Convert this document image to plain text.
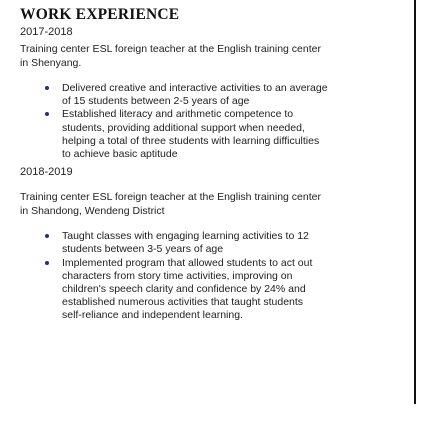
WORK EXPERIENCE
2017-2018
Training center ESL foreign teacher at the English training center
in Shenyang.
Delivered creative and interactive activities to an average
of 15 students between 2-5 years of age
Established literacy and arithmetic competence to
students, providing additional support when needed,
helping a total of three students with learning difficulties
to achieve basic aptitude
2018-2019
Training center ESL foreign teacher at the English training center
in Shandong, Wendeng District
Taught classes with engaging learning activities to 12
students between 3-5 years of age
Implemented program that allowed students to act out
characters from story time activities, improving on
children's speech clarity and confidence by 24% and
established numerous activities that taught students
self-reliance and independent learning.
